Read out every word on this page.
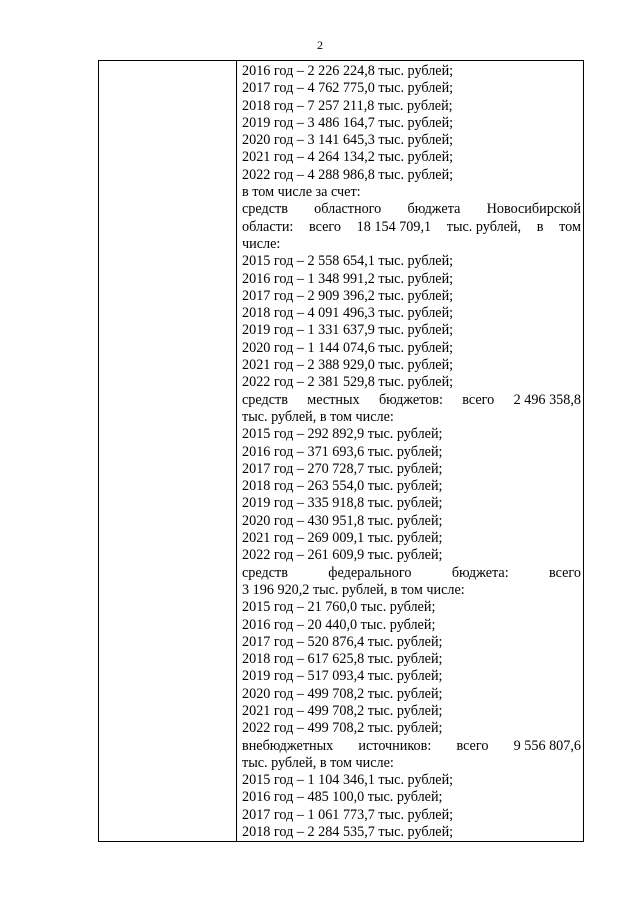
2
2016 год – 2 226 224,8 тыс. рублей;
2017 год – 4 762 775,0 тыс. рублей;
2018 год – 7 257 211,8 тыс. рублей;
2019 год – 3 486 164,7 тыс. рублей;
2020 год – 3 141 645,3 тыс. рублей;
2021 год – 4 264 134,2 тыс. рублей;
2022 год – 4 288 986,8 тыс. рублей;
в том числе за счет:
средств областного бюджета Новосибирской
области: всего 18 154 709,1 тыс. рублей, в том
числе:
2015 год – 2 558 654,1 тыс. рублей;
2016 год – 1 348 991,2 тыс. рублей;
2017 год – 2 909 396,2 тыс. рублей;
2018 год – 4 091 496,3 тыс. рублей;
2019 год – 1 331 637,9 тыс. рублей;
2020 год – 1 144 074,6 тыс. рублей;
2021 год – 2 388 929,0 тыс. рублей;
2022 год – 2 381 529,8 тыс. рублей;
средств местных бюджетов: всего 2 496 358,8
тыс. рублей, в том числе:
2015 год – 292 892,9 тыс. рублей;
2016 год – 371 693,6 тыс. рублей;
2017 год – 270 728,7 тыс. рублей;
2018 год – 263 554,0 тыс. рублей;
2019 год – 335 918,8 тыс. рублей;
2020 год – 430 951,8 тыс. рублей;
2021 год – 269 009,1 тыс. рублей;
2022 год – 261 609,9 тыс. рублей;
средств	федерального	бюджета:	всего
3 196 920,2 тыс. рублей, в том числе:
2015 год – 21 760,0 тыс. рублей;
2016 год – 20 440,0 тыс. рублей;
2017 год – 520 876,4 тыс. рублей;
2018 год – 617 625,8 тыс. рублей;
2019 год – 517 093,4 тыс. рублей;
2020 год – 499 708,2 тыс. рублей;
2021 год – 499 708,2 тыс. рублей;
2022 год – 499 708,2 тыс. рублей;
внебюджетных источников: всего 9 556 807,6
тыс. рублей, в том числе:
2015 год – 1 104 346,1 тыс. рублей;
2016 год – 485 100,0 тыс. рублей;
2017 год – 1 061 773,7 тыс. рублей;
2018 год – 2 284 535,7 тыс. рублей;
